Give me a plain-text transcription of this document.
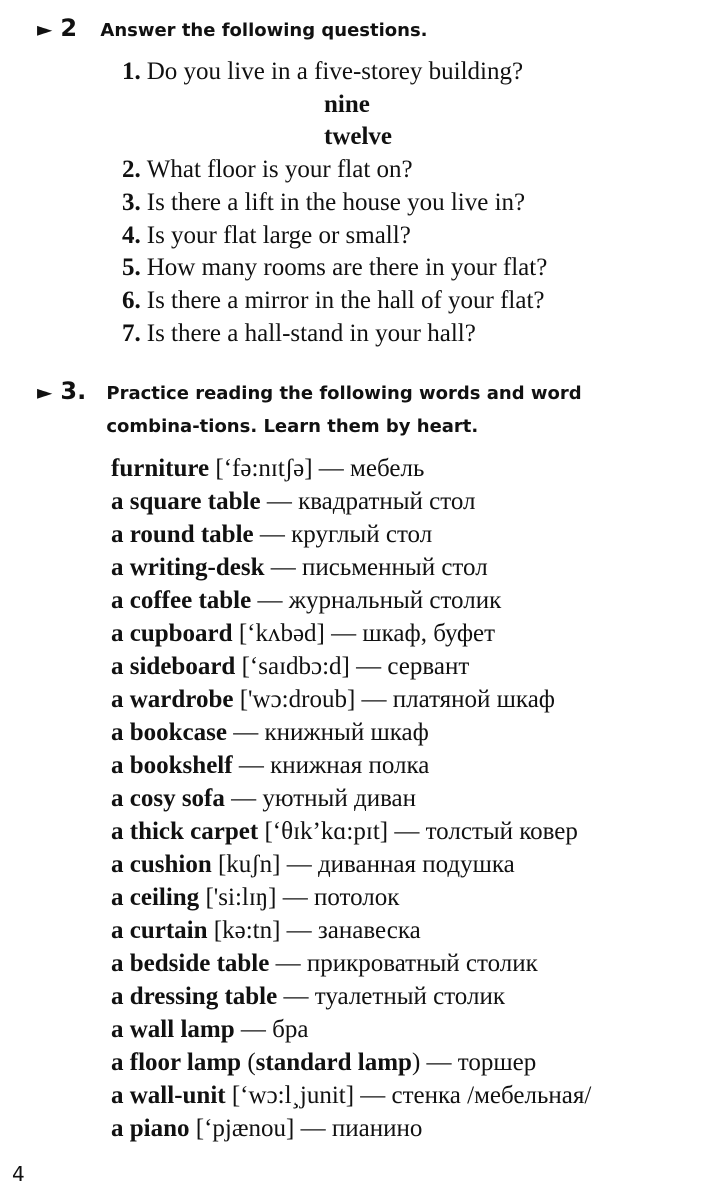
► 2	Answer the following questions.
1. Do you live in a five-storey building?
nine
twelve
2. What floor is your flat on?
3. Is there a lift in the house you live in?
4. Is your flat large or small?
5. How many rooms are there in your flat?
6. Is there a mirror in the hall of your flat?
7. Is there a hall-stand in your hall?
► 3.	Practice reading the following words and word combina-tions. Learn them by heart.
furniture [‘fə:nɪtʃə] — мебель
a square table — квадратный стол
a round table — круглый стол
a writing-desk — письменный стол
a coffee table — журнальный столик
a cupboard [‘kʌbəd] — шкаф, буфет
a sideboard [‘saɪdbɔ:d] — сервант
a wardrobe ['wɔ:droub] — платяной шкаф
a bookcase — книжный шкаф
a bookshelf — книжная полка
a cosy sofa — уютный диван
a thick carpet [‘θɪk’kɑ:pɪt] — толстый ковер
a cushion [kuʃn] — диванная подушка
a ceiling ['si:lɪŋ] — потолок
a curtain [kə:tn] — занавеска
a bedside table — прикроватный столик
a dressing table — туалетный столик
a wall lamp — бра
a floor lamp (standard lamp) — торшер
a wall-unit [‘wɔ:l¸junit] — стенка /мебельная/
a piano [‘pjænou] — пианино
4
